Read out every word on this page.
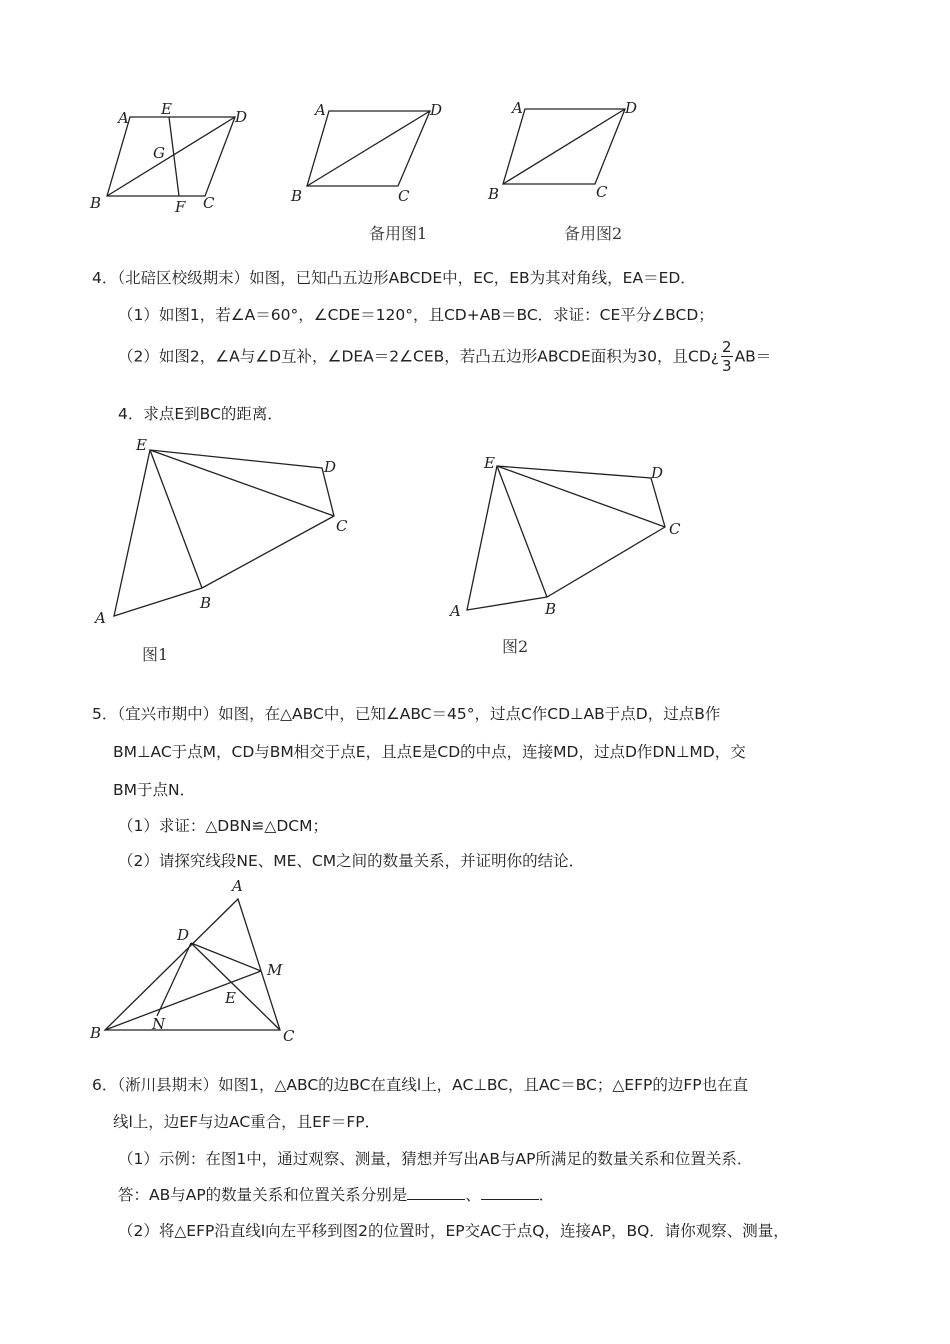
A E	D
G
B	F C
A	D
B	C
备用图1
A	D
B	C
备用图2
4．（北碚区校级期末）如图，已知凸五边形ABCDE中，EC，EB为其对角线，EA＝ED．
（1）如图1，若∠A＝60°，∠CDE＝120°，且CD+AB＝BC．求证：CE平分∠BCD；
（2）如图2，∠A与∠D互补，∠DEA＝2∠CEB，若凸五边形ABCDE面积为30，且CD¿ $\frac{2}{3} AB=$
4．求点E到BC的距离．
E
D
C
B
A
图1
E
D
C
B
A
图2
5．（宜兴市期中）如图，在△ABC中，已知∠ABC＝45°，过点C作CD⊥AB于点D，过点B作
BM⊥AC于点M，CD与BM相交于点E，且点E是CD的中点，连接MD，过点D作DN⊥MD，交
BM于点N．
（1）求证：△DBN≌△DCM；
（2）请探究线段NE、ME、CM之间的数量关系，并证明你的结论．
A
D
M
E
N
B	C
6．（淅川县期末）如图1，△ABC的边BC在直线l上，AC⊥BC，且AC＝BC；△EFP的边FP也在直
线l上，边EF与边AC重合，且EF＝FP．
（1）示例：在图1中，通过观察、测量，猜想并写出AB与AP所满足的数量关系和位置关系．
答：AB与AP的数量关系和位置关系分别是	、	．
（2）将△EFP沿直线l向左平移到图2的位置时，EP交AC于点Q，连接AP，BQ．请你观察、测量，
